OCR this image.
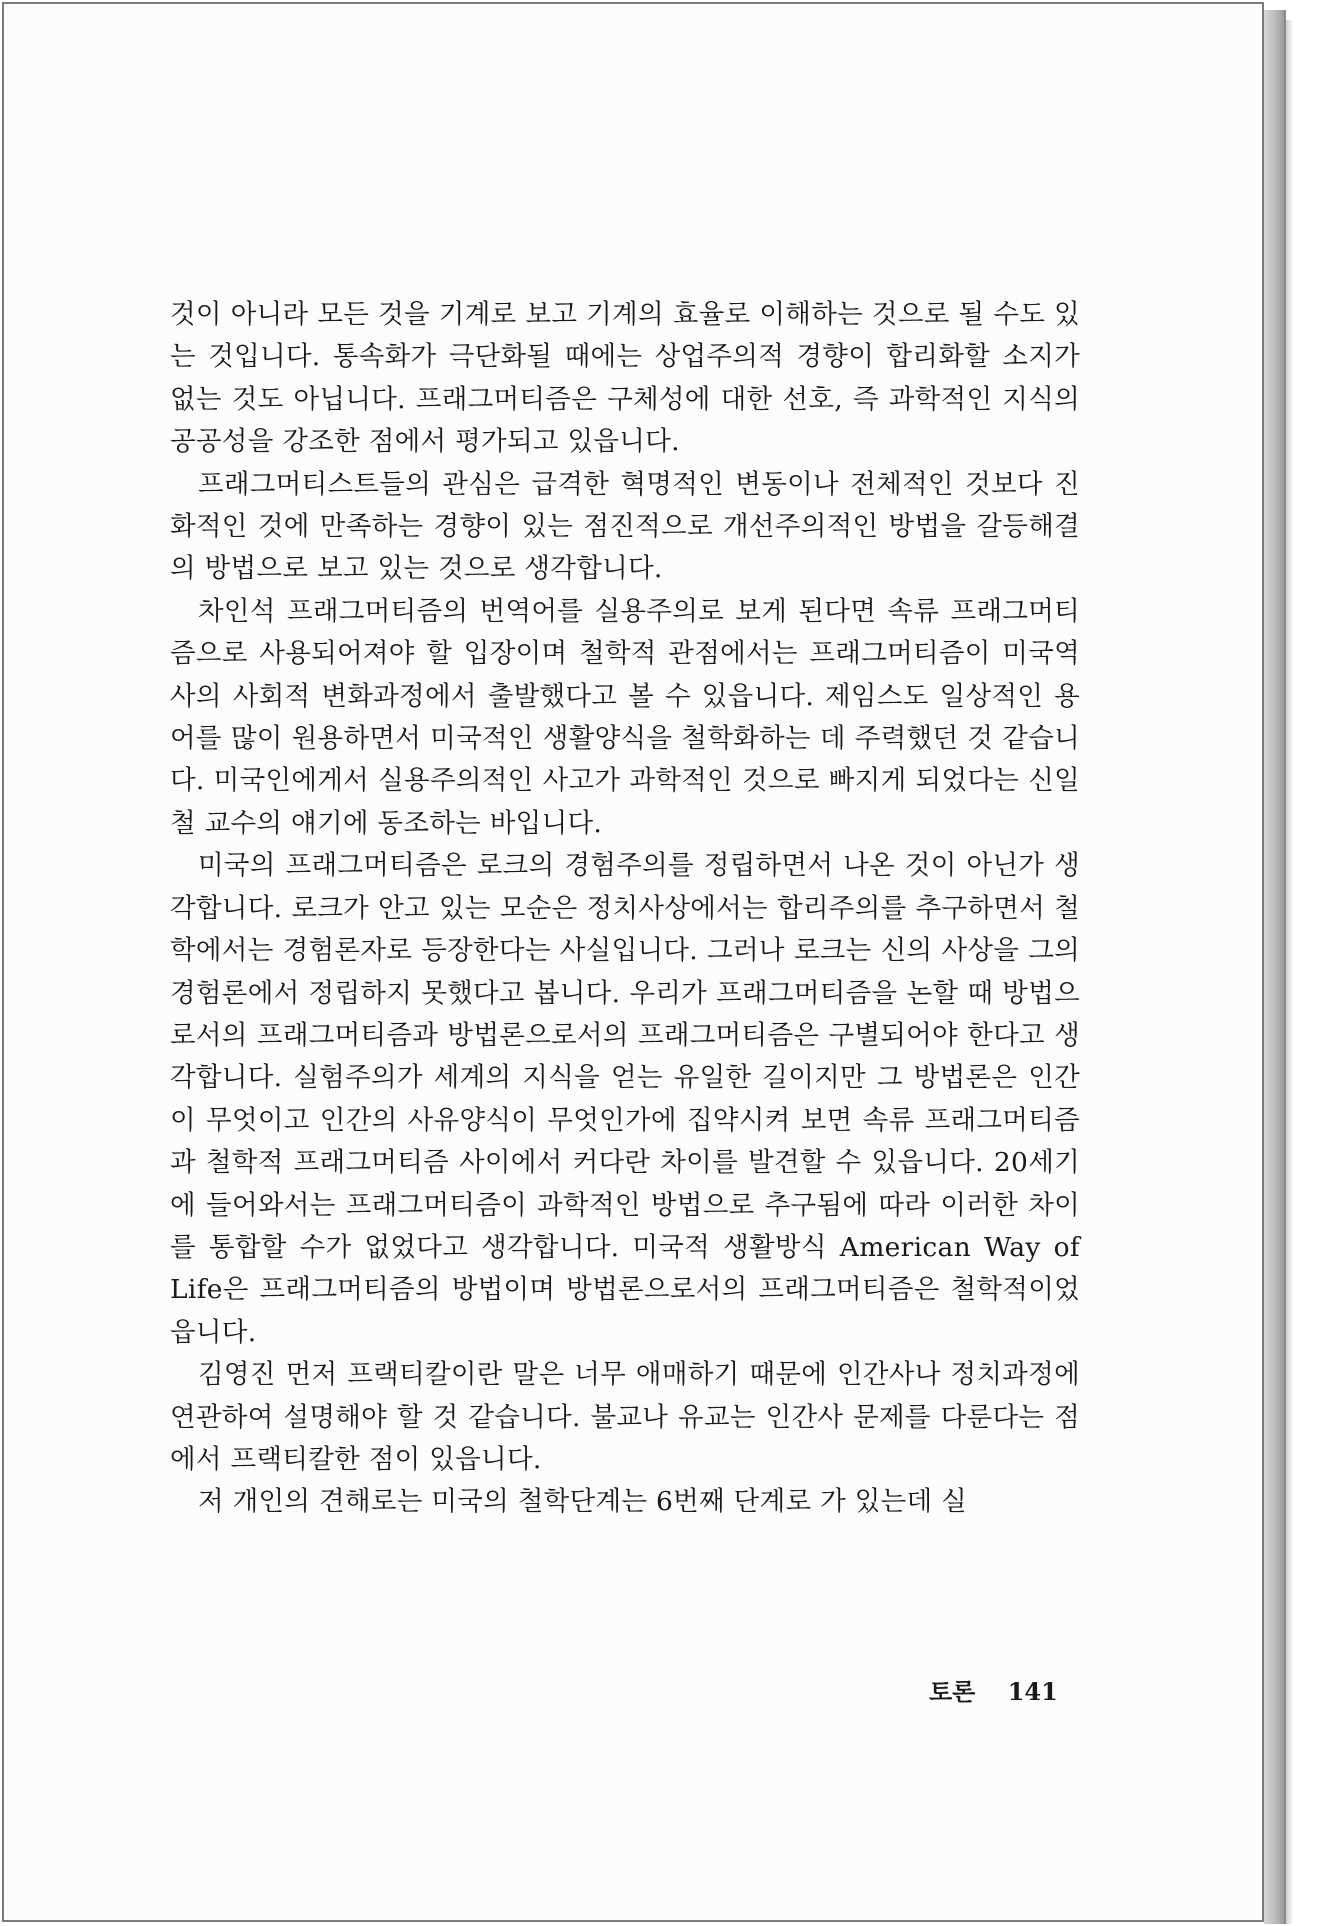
것이 아니라 모든 것을 기계로 보고 기계의 효율로 이해하는 것으로 될 수도 있는 것입니다. 통속화가 극단화될 때에는 상업주의적 경향이 합리화할 소지가 없는 것도 아닙니다. 프래그머티즘은 구체성에 대한 선호, 즉 과학적인 지식의 공공성을 강조한 점에서 평가되고 있읍니다.

프래그머티스트들의 관심은 급격한 혁명적인 변동이나 전체적인 것보다 진화적인 것에 만족하는 경향이 있는 점진적으로 개선주의적인 방법을 갈등해결의 방법으로 보고 있는 것으로 생각합니다.

차인석 프래그머티즘의 번역어를 실용주의로 보게 된다면 속류 프래그머티즘으로 사용되어져야 할 입장이며 철학적 관점에서는 프래그머티즘이 미국역사의 사회적 변화과정에서 출발했다고 볼 수 있읍니다. 제임스도 일상적인 용어를 많이 원용하면서 미국적인 생활양식을 철학화하는 데 주력했던 것 같습니다. 미국인에게서 실용주의적인 사고가 과학적인 것으로 빠지게 되었다는 신일철 교수의 얘기에 동조하는 바입니다.

미국의 프래그머티즘은 로크의 경험주의를 정립하면서 나온 것이 아닌가 생각합니다. 로크가 안고 있는 모순은 정치사상에서는 합리주의를 추구하면서 철학에서는 경험론자로 등장한다는 사실입니다. 그러나 로크는 신의 사상을 그의 경험론에서 정립하지 못했다고 봅니다. 우리가 프래그머티즘을 논할 때 방법으로서의 프래그머티즘과 방법론으로서의 프래그머티즘은 구별되어야 한다고 생각합니다. 실험주의가 세계의 지식을 얻는 유일한 길이지만 그 방법론은 인간이 무엇이고 인간의 사유양식이 무엇인가에 집약시켜 보면 속류 프래그머티즘과 철학적 프래그머티즘 사이에서 커다란 차이를 발견할 수 있읍니다. 20세기에 들어와서는 프래그머티즘이 과학적인 방법으로 추구됨에 따라 이러한 차이를 통합할 수가 없었다고 생각합니다. 미국적 생활방식 American Way of Life은 프래그머티즘의 방법이며 방법론으로서의 프래그머티즘은 철학적이었읍니다.

김영진 먼저 프랙티칼이란 말은 너무 애매하기 때문에 인간사나 정치과정에 연관하여 설명해야 할 것 같습니다. 불교나 유교는 인간사 문제를 다룬다는 점에서 프랙티칼한 점이 있읍니다.

저 개인의 견해로는 미국의 철학단계는 6번째 단계로 가 있는데 실

토론 141
